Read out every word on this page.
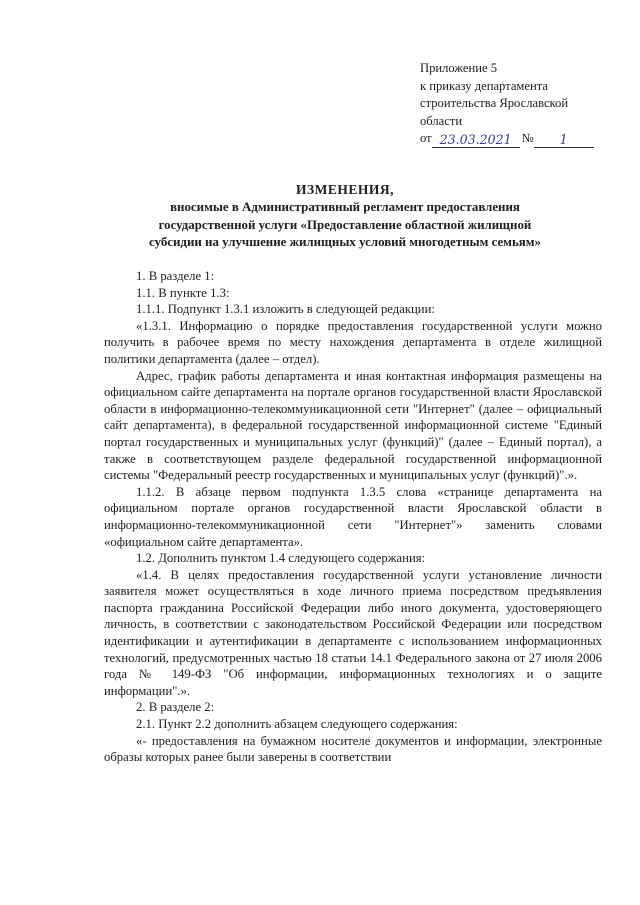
Приложение 5
к приказу департамента
строительства Ярославской
области
от 23.03.2021 №	1
ИЗМЕНЕНИЯ,
вносимые в Административный регламент предоставления
государственной услуги «Предоставление областной жилищной
субсидии на улучшение жилищных условий многодетным семьям»

1. В разделе 1:

1.1. В пункте 1.3:

1.1.1. Подпункт 1.3.1 изложить в следующей редакции:

«1.3.1. Информацию о порядке предоставления государственной услуги можно получить в рабочее время по месту нахождения департамента в отделе жилищной политики департамента (далее – отдел).

Адрес, график работы департамента и иная контактная информация размещены на официальном сайте департамента на портале органов государственной власти Ярославской области в информационно-телекоммуникационной сети "Интернет" (далее – официальный сайт департамента), в федеральной государственной информационной системе "Единый портал государственных и муниципальных услуг (функций)" (далее – Единый портал), а также в соответствующем разделе федеральной государственной информационной системы "Федеральный реестр государственных и муниципальных услуг (функций)".».

1.1.2. В абзаце первом подпункта 1.3.5 слова «странице департамента на официальном портале органов государственной власти Ярославской области в информационно-телекоммуникационной сети "Интернет"» заменить словами «официальном сайте департамента».

1.2. Дополнить пунктом 1.4 следующего содержания:

«1.4. В целях предоставления государственной услуги установление личности заявителя может осуществляться в ходе личного приема посредством предъявления паспорта гражданина Российской Федерации либо иного документа, удостоверяющего личность, в соответствии с законодательством Российской Федерации или посредством идентификации и аутентификации в департаменте с использованием информационных технологий, предусмотренных частью 18 статьи 14.1 Федерального закона от 27 июля 2006 года № 149-ФЗ "Об информации, информационных технологиях и о защите информации".».

2. В разделе 2:

2.1. Пункт 2.2 дополнить абзацем следующего содержания:

«- предоставления на бумажном носителе документов и информации, электронные образы которых ранее были заверены в соответствии
